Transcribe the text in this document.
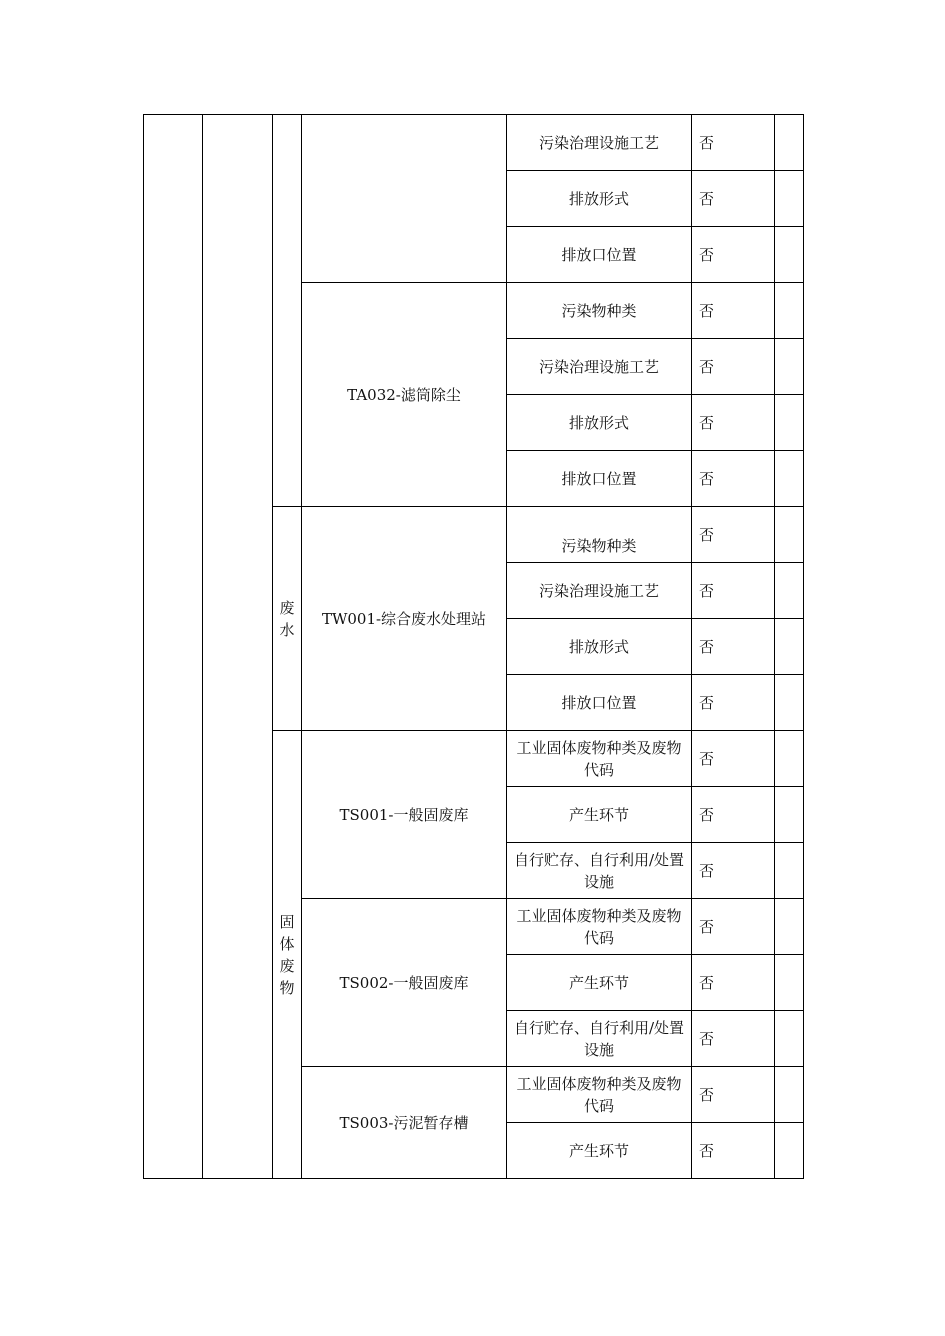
				污染治理设施工艺	否	
				排放形式	否	
				排放口位置	否	
			TA032-滤筒除尘	污染物种类	否	
				污染治理设施工艺	否	
				排放形式	否	
				排放口位置	否	
		废水	TW001-综合废水处理站	污染物种类	否	
				污染治理设施工艺	否	
				排放形式	否	
				排放口位置	否	
		固体废物	TS001-一般固废库	工业固体废物种类及废物代码	否	
				产生环节	否	
				自行贮存、自行利用/处置设施	否	
			TS002-一般固废库	工业固体废物种类及废物代码	否	
				产生环节	否	
				自行贮存、自行利用/处置设施	否	
			TS003-污泥暂存槽	工业固体废物种类及废物代码	否	
				产生环节	否	
